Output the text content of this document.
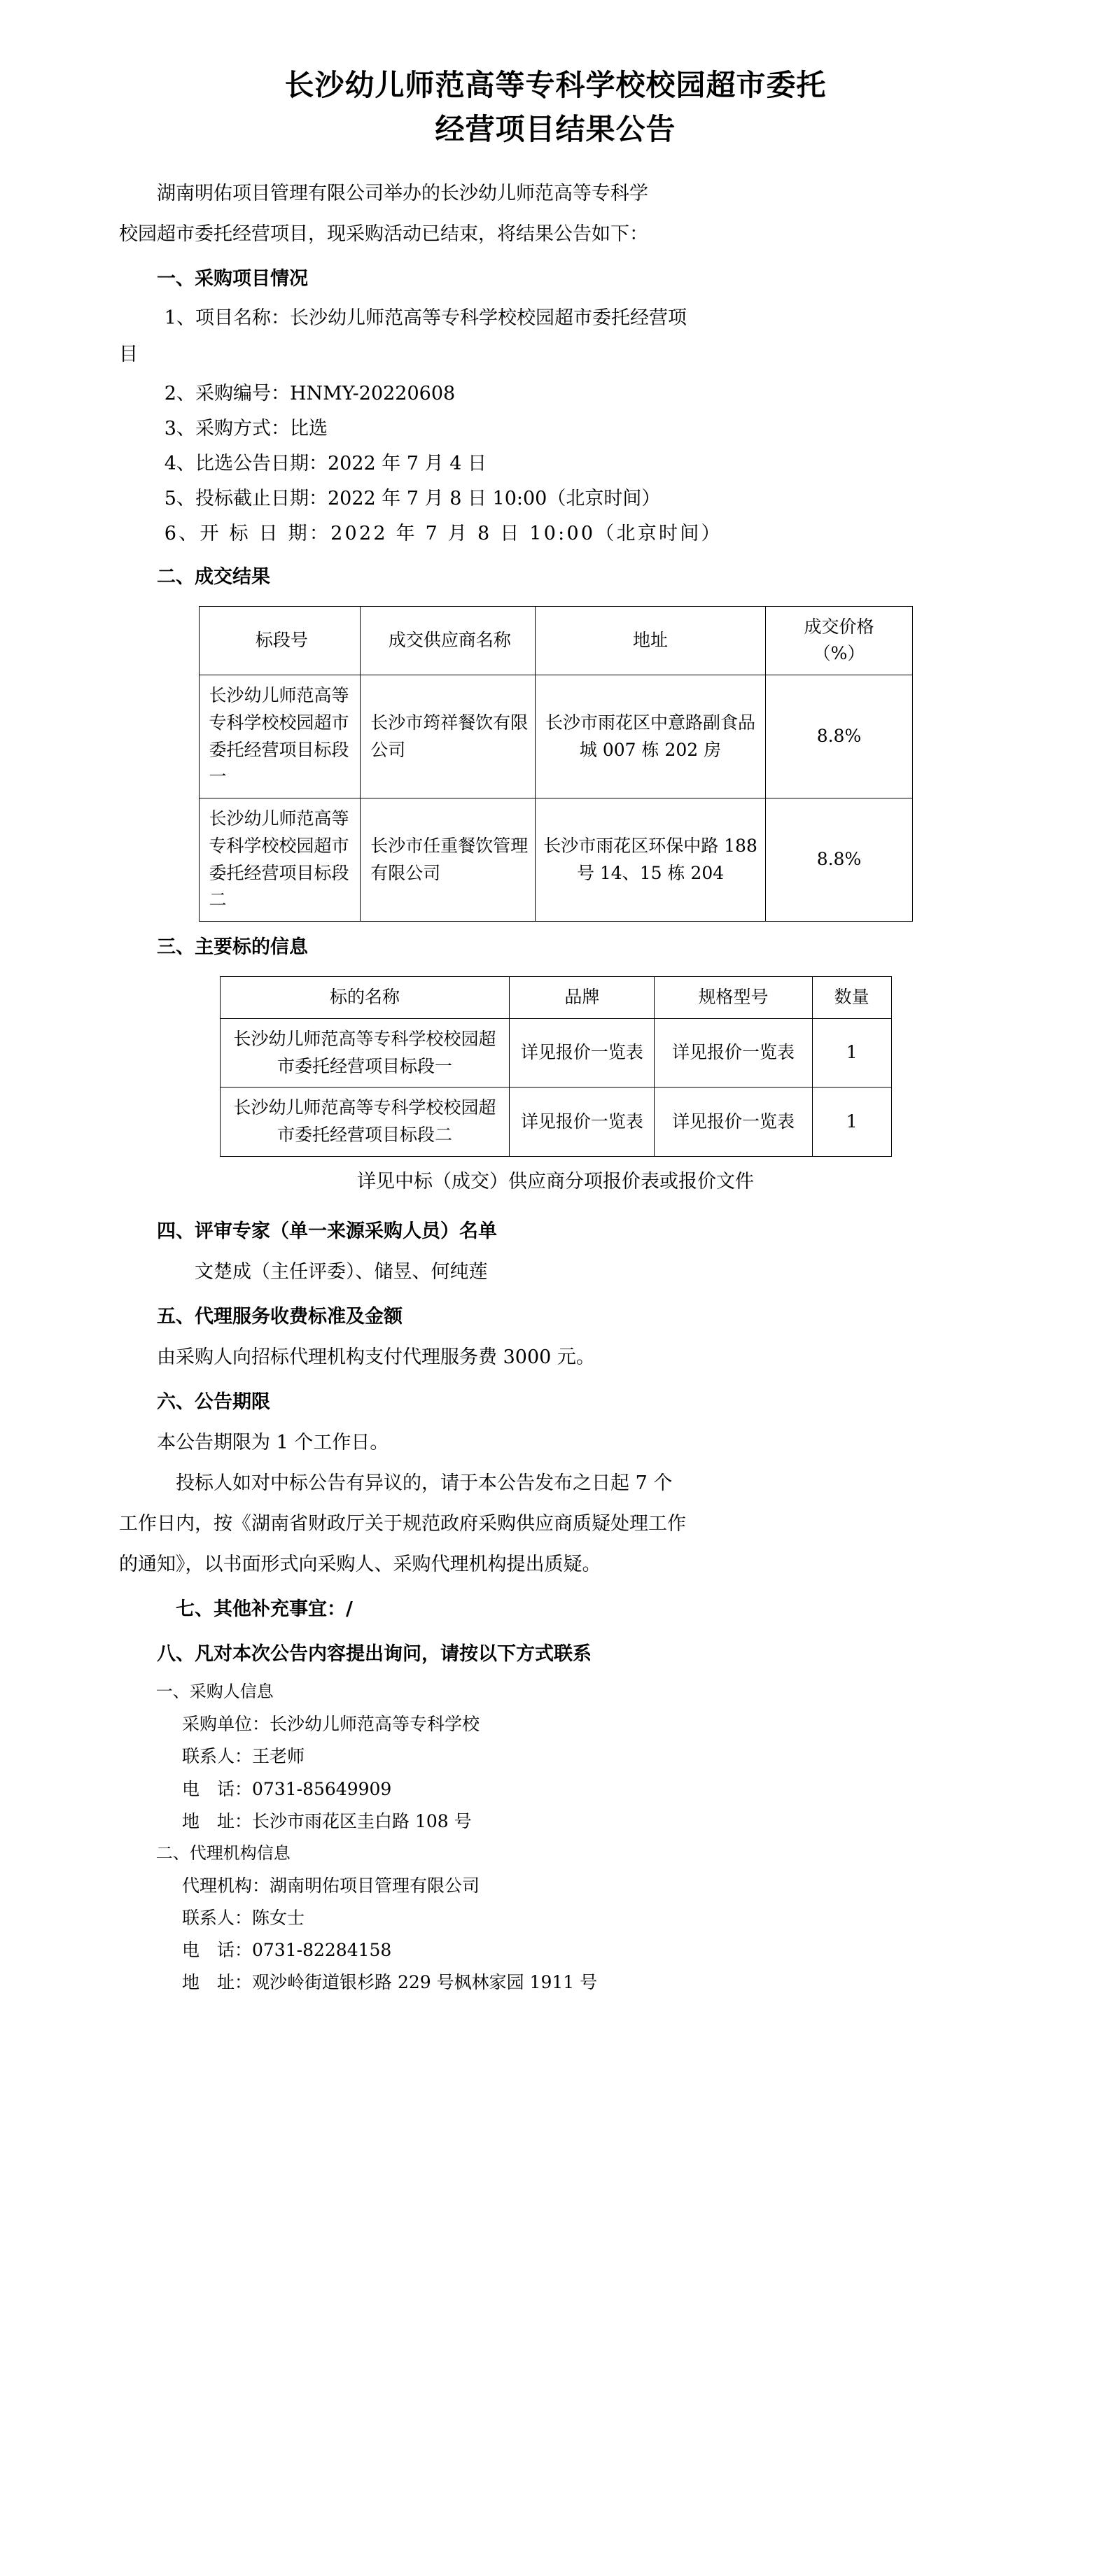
长沙幼儿师范高等专科学校校园超市委托
经营项目结果公告

湖南明佑项目管理有限公司举办的长沙幼儿师范高等专科学

校园超市委托经营项目，现采购活动已结束，将结果公告如下：

一、采购项目情况

1、项目名称：长沙幼儿师范高等专科学校校园超市委托经营项

目

2、采购编号：HNMY-20220608

3、采购方式：比选

4、比选公告日期：2022 年 7 月 4 日

5、投标截止日期：2022 年 7 月 8 日 10:00（北京时间）

6、开 标 日 期：2022 年 7 月 8 日 10:00（北京时间）

二、成交结果
标段号	成交供应商名称	地址	成交价格
（%）

长沙幼儿师范高等专科学校校园超市委托经营项目标段一	长沙市筠祥餐饮有限公司	长沙市雨花区中意路副食品城 007 栋 202 房	8.8%
长沙幼儿师范高等专科学校校园超市委托经营项目标段二	长沙市任重餐饮管理有限公司	长沙市雨花区环保中路 188 号 14、15 栋 204	8.8%
三、主要标的信息
标的名称	品牌	规格型号	数量
长沙幼儿师范高等专科学校校园超市委托经营项目标段一	详见报价一览表	详见报价一览表	1
长沙幼儿师范高等专科学校校园超市委托经营项目标段二	详见报价一览表	详见报价一览表	1

详见中标（成交）供应商分项报价表或报价文件

四、评审专家（单一来源采购人员）名单

文楚成（主任评委）、储昱、何纯莲

五、代理服务收费标准及金额

由采购人向招标代理机构支付代理服务费 3000 元。

六、公告期限

本公告期限为 1 个工作日。

投标人如对中标公告有异议的，请于本公告发布之日起 7 个

工作日内，按《湖南省财政厅关于规范政府采购供应商质疑处理工作

的通知》，以书面形式向采购人、采购代理机构提出质疑。

七、其他补充事宜：/
八、凡对本次公告内容提出询问，请按以下方式联系

一、采购人信息

采购单位：长沙幼儿师范高等专科学校

联系人：王老师

电　话：0731-85649909

地　址：长沙市雨花区圭白路 108 号

二、代理机构信息

代理机构：湖南明佑项目管理有限公司

联系人：陈女士

电　话：0731-82284158

地　址：观沙岭街道银杉路 229 号枫林家园 1911 号
